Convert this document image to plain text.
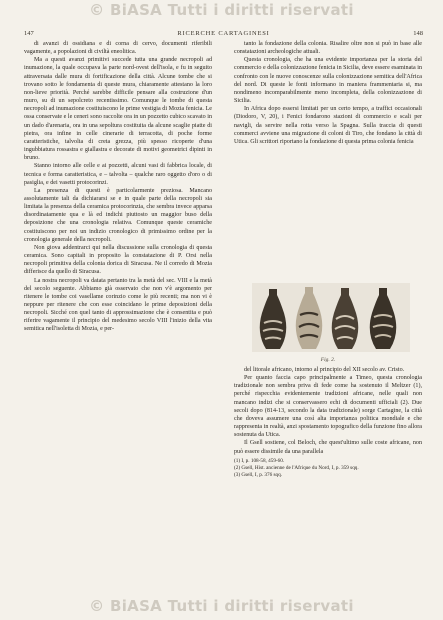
© BiASA Tutti i diritti riservati
147	RICERCHE CARTAGINESI	148

di avanzi di ossidiana e di corna di cervo, documenti riferibili vagamente, a popolazioni di civiltà eneolitica.

Ma a questi avanzi primitivi succede tutta una grande necropoli ad inumazione, la quale occupava la parte nord-ovest dell'isola, e fu in seguito attraversata dalle mura di fortificazione della città. Alcune tombe che si trovano sotto le fondamenta di queste mura, chiaramente attestano la loro non-lieve priorità. Perché sarebbe difficile pensare alla costruzione d'un muro, su di un sepolcreto recentissimo. Comunque le tombe di questa necropoli ad inumazione costituiscono le prime vestigia di Mozia fenicia. Le ossa conservate e le ceneri sono raccolte ora in un pozzetto cubico scavato in un dado d'arenaria, ora in una sepoltura costituita da alcune scaglie piatte di pietra, ora infine in celle cinerarie di terracotta, di poche forme caratteristiche, talvolta di creta grezza, più spesso ricoperte d'una ingubbiatura rossastra e giallastra e decorate di motivi geometrici dipinti in bruno.

Stanno intorno alle celle e ai pozzetti, alcuni vasi di fabbrica locale, di tecnica e forma caratteristica, e – talvolta – qualche raro oggetto d'oro o di pasiglia, e dei vasetti protocorinzi.

La presenza di questi è particolarmente preziosa. Mancano assolutamente tali da dichiararsi se e in quale parte della necropoli sia limitata la presenza della ceramica protocorinzia, che sembra invece apparsa disordinatamente qua e là ed indichi piuttosto un maggior buso della deposizione che una cronologia relativa. Comunque queste ceramiche costituiscono per noi un indizio cronologico di primissimo ordine per la cronologia generale della necropoli.

Non giova addentrarci qui nella discussione sulla cronologia di questa ceramica. Sono capitali in proposito la constatazione di P. Orsi nella necropoli primitiva della colonia dorica di Siracusa. Ne il corredo di Mozia differisce da quello di Siracusa.

La nostra necropoli va datata pertanto tra la metà del sec. VIII e la metà del secolo seguente. Abbiamo già osservato che non v'è argomento per ritenere le tombe coi vasellame corinzio come le più recenti; ma non vi è neppure per ritenere che con esse coincidano le prime deposizioni della necropoli. Sicché con quel tanto di approssimazione che è consentita e può riferire vagamente il principio del medesimo secolo VIII l'inizio della vita semitica nell'isoletta di Mozia, e per-

tanto la fondazione della colonia. Risalire oltre non si può in base alle constatazioni archeologiche attuali.

Questa cronologia, che ha una evidente importanza per la storia del commercio e della colonizzazione fenicia in Sicilia, deve essere esaminata in confronto con le nuove conoscenze sulla colonizzazione semitica dell'Africa del nord. Di queste le fonti informano in maniera frammentaria si, ma nondimeno incomparabilmente meno incompleta, della colonizzazione di Sicilia.

In Africa dopo essersi limitati per un certo tempo, a traffici occasionali (Diodoro, V, 20), i Fenici fondarono stazioni di commercio e scali per navigli, da servire nella rotta verso la Spagna. Sulla traccia di questi commerci avviene una migrazione di coloni di Tiro, che fondano la città di Utica. Gli scrittori riportano la fondazione di questa prima colonia fenicia

Fig. 2.

del litorale africano, intorno al principio del XII secolo av. Cristo.

Per quanto faccia capo principalmente a Timeo, questa cronologia tradizionale non sembra priva di fede come ha sostenuto il Meltzer (1), perché rispecchia evidentemente tradizioni africane, nelle quali non mancano indizi che si conservassero echi di documenti ufficiali (2). Due secoli dopo (814-13, secondo la data tradizionale) sorge Cartagine, la città che doveva assumere una così alta importanza politica mondiale e che rappresenta in realtà, anzi spostamento topografico della funzione fino allora sostenuta da Utica.

Il Gsell sostiene, col Beloch, che quest'ultimo sulle coste africane, non può essere dissimile da una parallela

(1) I, p. 108-58, 459-60.
(2) Gsell, Hist. ancienne de l'Afrique du Nord, I, p. 359 sqq.
(3) Gsell, I, p. 376 sqq.
© BiASA Tutti i diritti riservati
